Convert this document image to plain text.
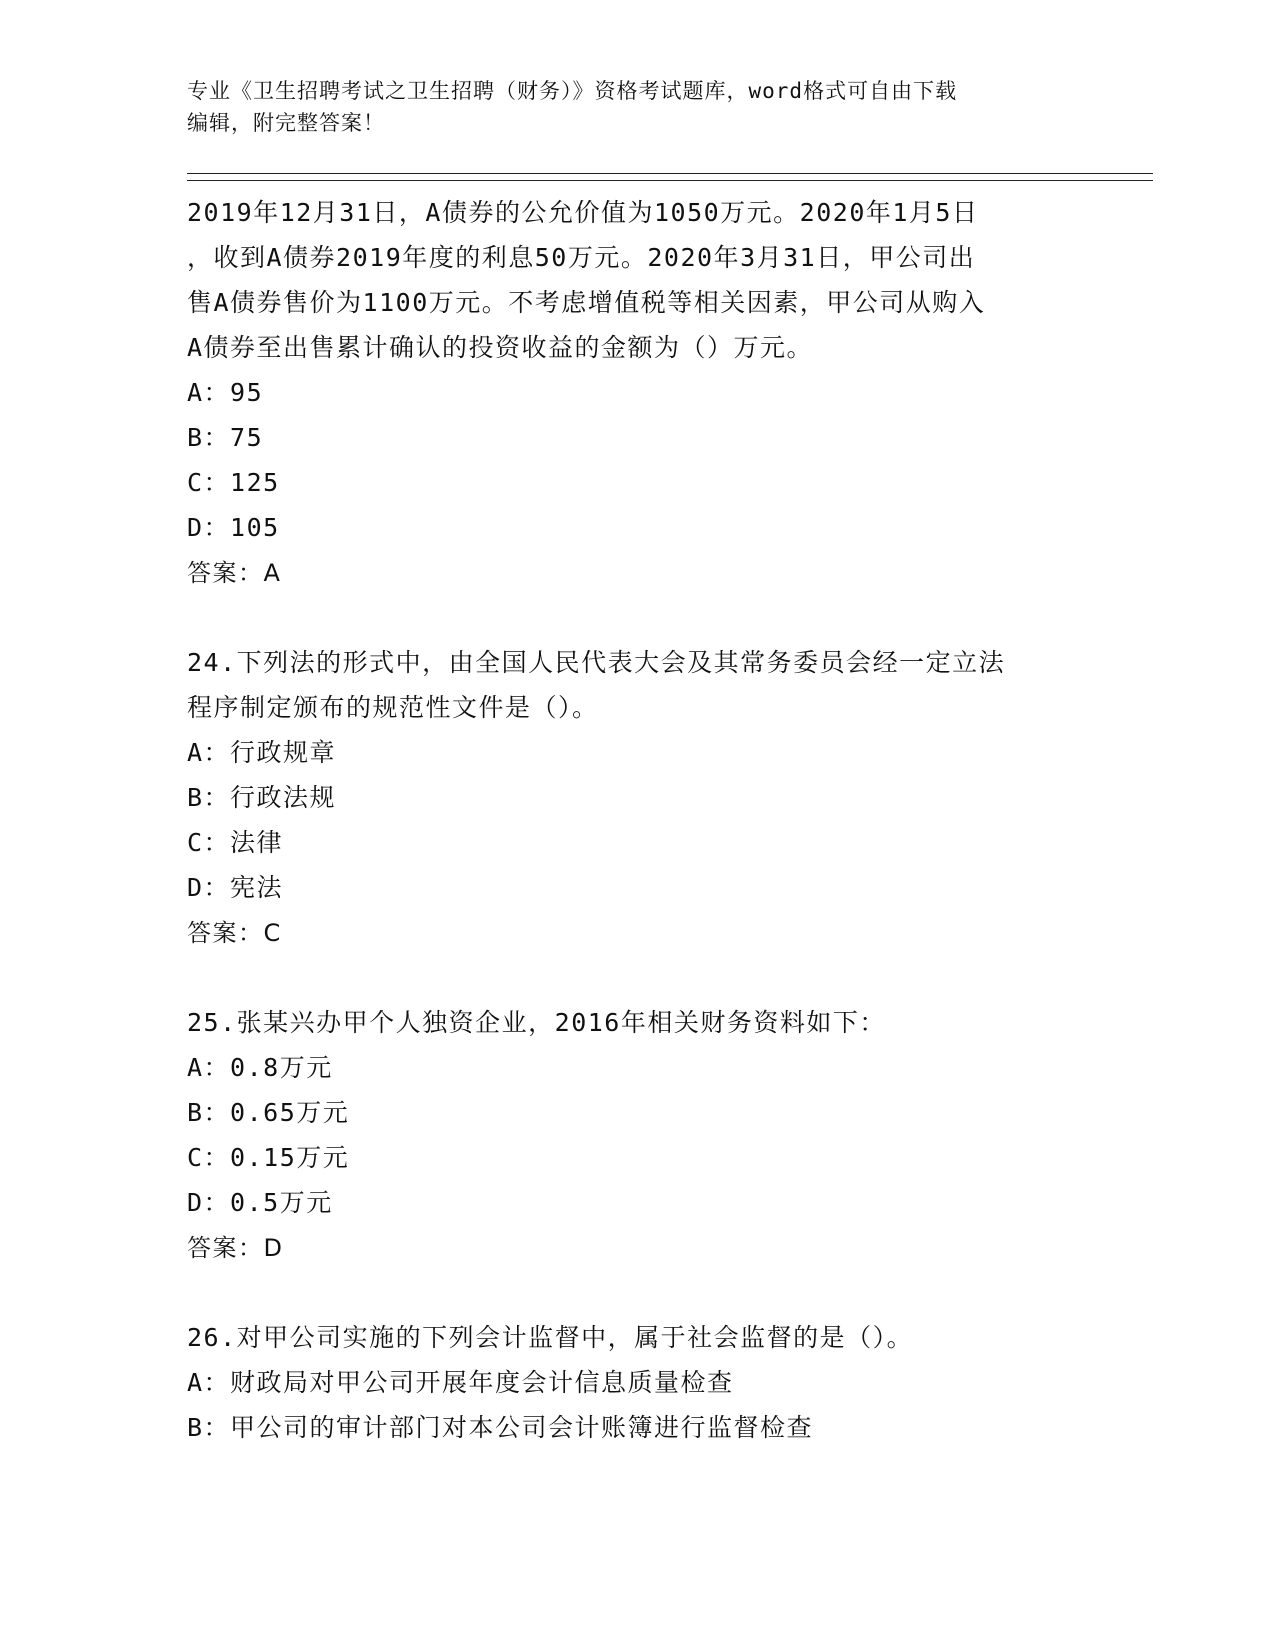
专业《卫生招聘考试之卫生招聘（财务）》资格考试题库，word格式可自由下载
编辑，附完整答案！

2019年12月31日，A债券的公允价值为1050万元。2020年1月5日

，收到A债券2019年度的利息50万元。2020年3月31日，甲公司出

售A债券售价为1100万元。不考虑增值税等相关因素，甲公司从购入

A债券至出售累计确认的投资收益的金额为（）万元。

A：95

B：75

C：125

D：105

答案：A

24.下列法的形式中，由全国人民代表大会及其常务委员会经一定立法

程序制定颁布的规范性文件是（）。

A：行政规章

B：行政法规

C：法律

D：宪法

答案：C

25.张某兴办甲个人独资企业，2016年相关财务资料如下：

A：0.8万元

B：0.65万元

C：0.15万元

D：0.5万元

答案：D

26.对甲公司实施的下列会计监督中，属于社会监督的是（）。

A：财政局对甲公司开展年度会计信息质量检查

B：甲公司的审计部门对本公司会计账簿进行监督检查
